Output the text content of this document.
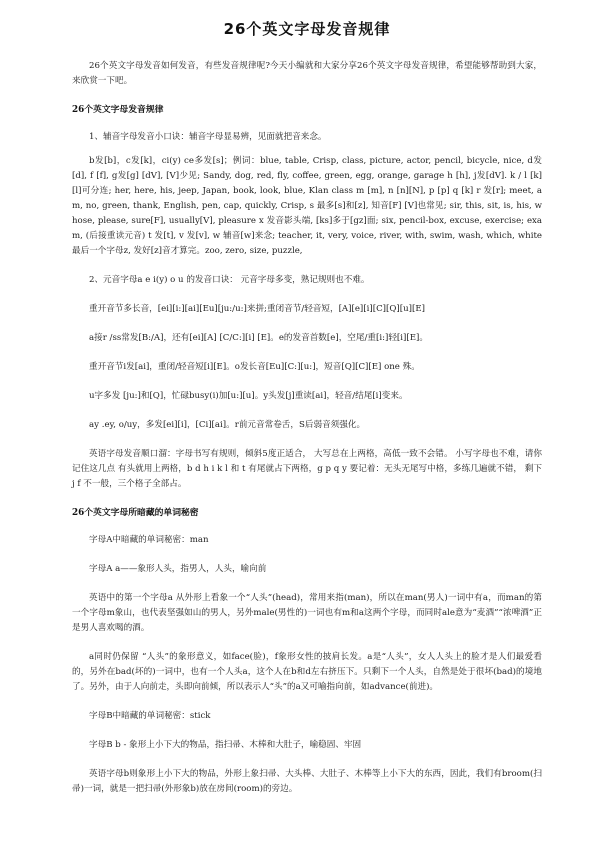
26个英文字母发音规律

26个英文字母发音如何发音，有些发音规律呢?今天小编就和大家分享26个英文字母发音规律，希望能够帮助到大家，来欣赏一下吧。

26个英文字母发音规律

1、辅音字母发音小口诀：辅音字母显易辨，见面就把音来念。

b发[b]，c发[k]，ci(y) ce多发[s]；例词：blue, table, Crisp, class, picture, actor, pencil, bicycle, nice, d发[d], f [f], g发[g] [dV], [V]少见; Sandy, dog, red, fly, coffee, green, egg, orange, garage h [h], j发[dV]. k / l [k] [l]可分连; her, here, his, jeep, Japan, book, look, blue, Klan class m [m], n [n][N], p [p] q [k] r 发[r]; meet, am, no, green, thank, English, pen, cap, quickly, Crisp, s 最多[s]和[z], 知音[F] [V]也常见; sir, this, sit, is, his, whose, please, sure[F], usually[V], pleasure x 发音影头端, [ks]多于[gz]面; six, pencil-box, excuse, exercise; exam, (后接重读元音) t 发[t], v 发[v], w 辅音[w]来念; teacher, it, very, voice, river, with, swim, wash, which, white 最后一个字母z, 发好[z]音才算完。zoo, zero, size, puzzle,

2、元音字母a e i(y) o u 的发音口诀： 元音字母多变，熟记规则也不难。

重开音节多长音，[ei][i:][ai][Eu][ju:/u:]来拼;重闭音节/轻音短，[A][e][i][C][Q][u][E]

a接r /ss常发[B:/A]，还有[ei][A] [C/C:][i] [E]。e的发音首数[e]，空尾/重[i:]轻[i][E]。

重开音节i发[ai]，重闭/轻音短[i][E]。o发长音[Eu][C:][u:]，短音[Q][C][E] one 殊。

u字多发 [ju:]和[Q]，忙碌busy(i)加[u:][u]。y头发[j]重读[ai]，轻音/结尾[i]变来。

ay .ey, o/uy，多发[ei][i]，[Ci][ai]。r前元音常卷舌，S后弱音须强化。

英语字母发音顺口溜：字母书写有规则，倾斜5度正适合， 大写总在上两格，高低一致不会错。 小写字母也不难，请你记住这几点 有头就用上两格，b d h i k l 和 t 有尾就占下两格，g p q y 要记着：无头无尾写中格，多练几遍就不错， 剩下 j f 不一般，三个格子全部占。

26个英文字母所暗藏的单词秘密

字母A中暗藏的单词秘密：man

字母A a——象形人头，指男人，人头，喻向前

英语中的第一个字母a 从外形上看象一个“人头”(head)，常用来指(man)，所以在man(男人)一词中有a，而man的第一个字母m象山，也代表坚强如山的男人，另外male(男性的)一词也有m和a这两个字母，而同时ale意为“麦酒”“浓啤酒”正是男人喜欢喝的酒。

a同时仍保留 “人头”的象形意义，如face(脸)，f象形女性的披肩长发。a是“人头”，女人人头上的脸才是人们最爱看的，另外在bad(坏的)一词中，也有一个人头a，这个人在b和d左右挤压下。只剩下一个人头，自然是处于很坏(bad)的境地了。另外，由于人向前走，头即向前倾，所以表示人“头”的a又可喻指向前，如advance(前进)。

字母B中暗藏的单词秘密：stick

字母B b - 象形上小下大的物品，指扫帚、木棒和大肚子，喻稳固、牢固

英语字母b则象形上小下大的物品，外形上象扫帚、大头棒、大肚子、木棒等上小下大的东西，因此，我们有broom(扫帚)一词，就是一把扫帚(外形象b)放在房间(room)的旁边。
